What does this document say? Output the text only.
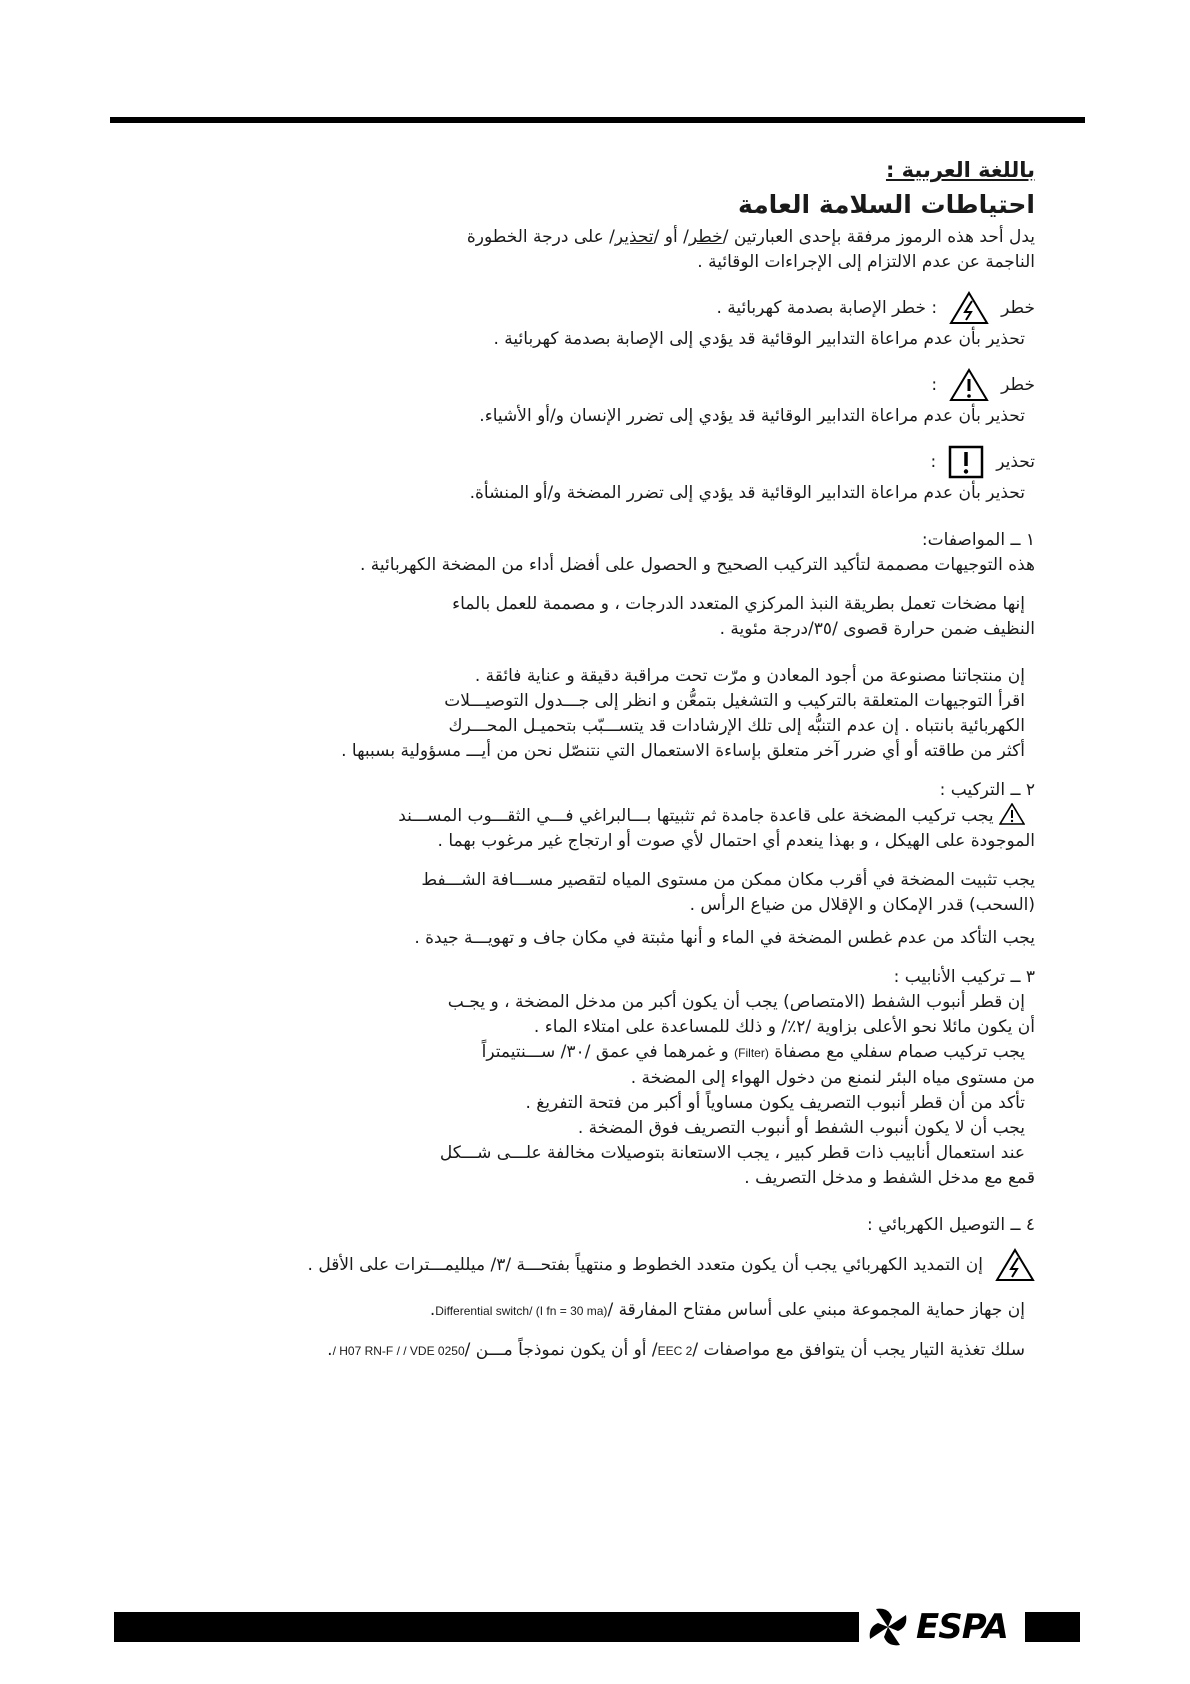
باللغة العربية :
احتياطات السلامة العامة

يدل أحد هذه الرموز مرفقة بإحدى العبارتين /خطر/ أو /تحذير/ على درجة الخطورة

الناجمة عن عدم الالتزام إلى الإجراءات الوقائية .

خطر
: خطر الإصابة بصدمة كهربائية .

تحذير بأن عدم مراعاة التدابير الوقائية قد يؤدي إلى الإصابة بصدمة كهربائية .

خطر
:

تحذير بأن عدم مراعاة التدابير الوقائية قد يؤدي إلى تضرر الإنسان و/أو الأشياء.

تحذير
:

تحذير بأن عدم مراعاة التدابير الوقائية قد يؤدي إلى تضرر المضخة و/أو المنشأة.

١ ــ المواصفات:

هذه التوجيهات مصممة لتأكيد التركيب الصحيح و الحصول على أفضل أداء من المضخة الكهربائية .

إنها مضخات تعمل بطريقة النبذ المركزي المتعدد الدرجات ، و مصممة للعمل بالماء

النظيف ضمن حرارة قصوى /٣٥/درجة مئوية .

إن منتجاتنا مصنوعة من أجود المعادن و مرّت تحت مراقبة دقيقة و عناية فائقة .

اقرأ التوجيهات المتعلقة بالتركيب و التشغيل بتمعُّن و انظر إلى جـــدول التوصيـــلات

الكهربائية بانتباه . إن عدم التنبُّه إلى تلك الإرشادات قد يتســـبّب بتحميـل المحـــرك

أكثر من طاقته أو أي ضرر آخر متعلق بإساءة الاستعمال التي نتنصّل نحن من أيـــ مسؤولية بسببها .

٢ ــ التركيب :

يجب تركيب المضخة على قاعدة جامدة ثم تثبيتها بـــالبراغي فـــي الثقـــوب المســـند

الموجودة على الهيكل ، و بهذا ينعدم أي احتمال لأي صوت أو ارتجاج غير مرغوب بهما .

يجب تثبيت المضخة في أقرب مكان ممكن من مستوى المياه لتقصير مســـافة الشـــفط

(السحب) قدر الإمكان و الإقلال من ضياع الرأس .

يجب التأكد من عدم غطس المضخة في الماء و أنها مثبتة في مكان جاف و تهويـــة جيدة .

٣ ــ تركيب الأنابيب :

إن قطر أنبوب الشفط (الامتصاص) يجب أن يكون أكبر من مدخل المضخة ، و يجـب

أن يكون مائلا نحو الأعلى بزاوية /٢٪/ و ذلك للمساعدة على امتلاء الماء .

يجب تركيب صمام سفلي مع مصفاة (Filter) و غمرهما في عمق /٣٠/ ســـنتيمتراً

من مستوى مياه البئر لنمنع من دخول الهواء إلى المضخة .

تأكد من أن قطر أنبوب التصريف يكون مساوياً أو أكبر من فتحة التفريغ .

يجب أن لا يكون أنبوب الشفط أو أنبوب التصريف فوق المضخة .

عند استعمال أنابيب ذات قطر كبير ، يجب الاستعانة بتوصيلات مخالفة علـــى شـــكل

قمع مع مدخل الشفط و مدخل التصريف .

٤ ــ التوصيل الكهربائي :

إن التمديد الكهربائي يجب أن يكون متعدد الخطوط و منتهياً بفتحـــة /٣/ ميلليمـــترات على الأقل .

إن جهاز حماية المجموعة مبني على أساس مفتاح المفارقة /Differential switch/ (I fn = 30 ma).

سلك تغذية التيار يجب أن يتوافق مع مواصفات /EEC 2/ أو أن يكون نموذجاً مـــن /H07 RN-F / / VDE 0250 /.

ESPA
